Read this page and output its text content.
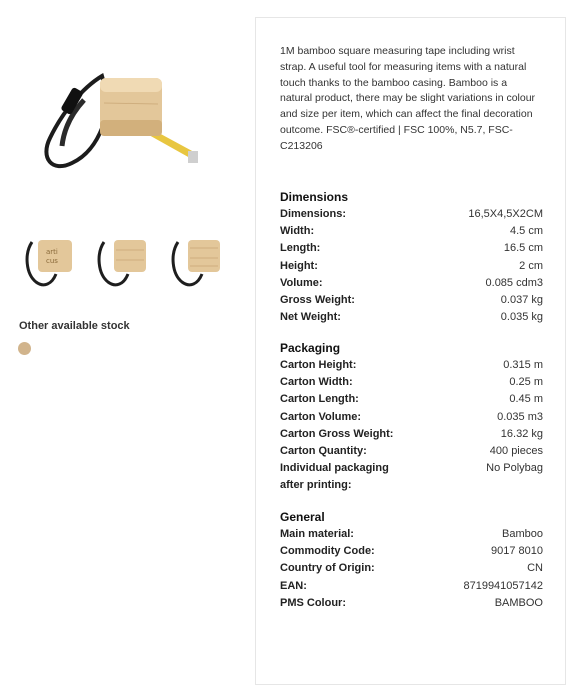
arti
cus
Other available stock
1M bamboo square measuring tape including wrist strap. A useful tool for measuring items with a natural touch thanks to the bamboo casing. Bamboo is a natural product, there may be slight variations in colour and size per item, which can affect the final decoration outcome. FSC®-certified | FSC 100%, N5.7, FSC-C213206
Dimensions
Dimensions:	16,5X4,5X2CM
Width:	4.5 cm
Length:	16.5 cm
Height:	2 cm
Volume:	0.085 cdm3
Gross Weight:	0.037 kg
Net Weight:	0.035 kg
Packaging
Carton Height:	0.315 m
Carton Width:	0.25 m
Carton Length:	0.45 m
Carton Volume:	0.035 m3
Carton Gross Weight:	16.32 kg
Carton Quantity:	400 pieces
Individual packaging after printing:
No Polybag
General
Main material:	Bamboo
Commodity Code:	9017 8010
Country of Origin:	CN
EAN:	8719941057142
PMS Colour:	BAMBOO
